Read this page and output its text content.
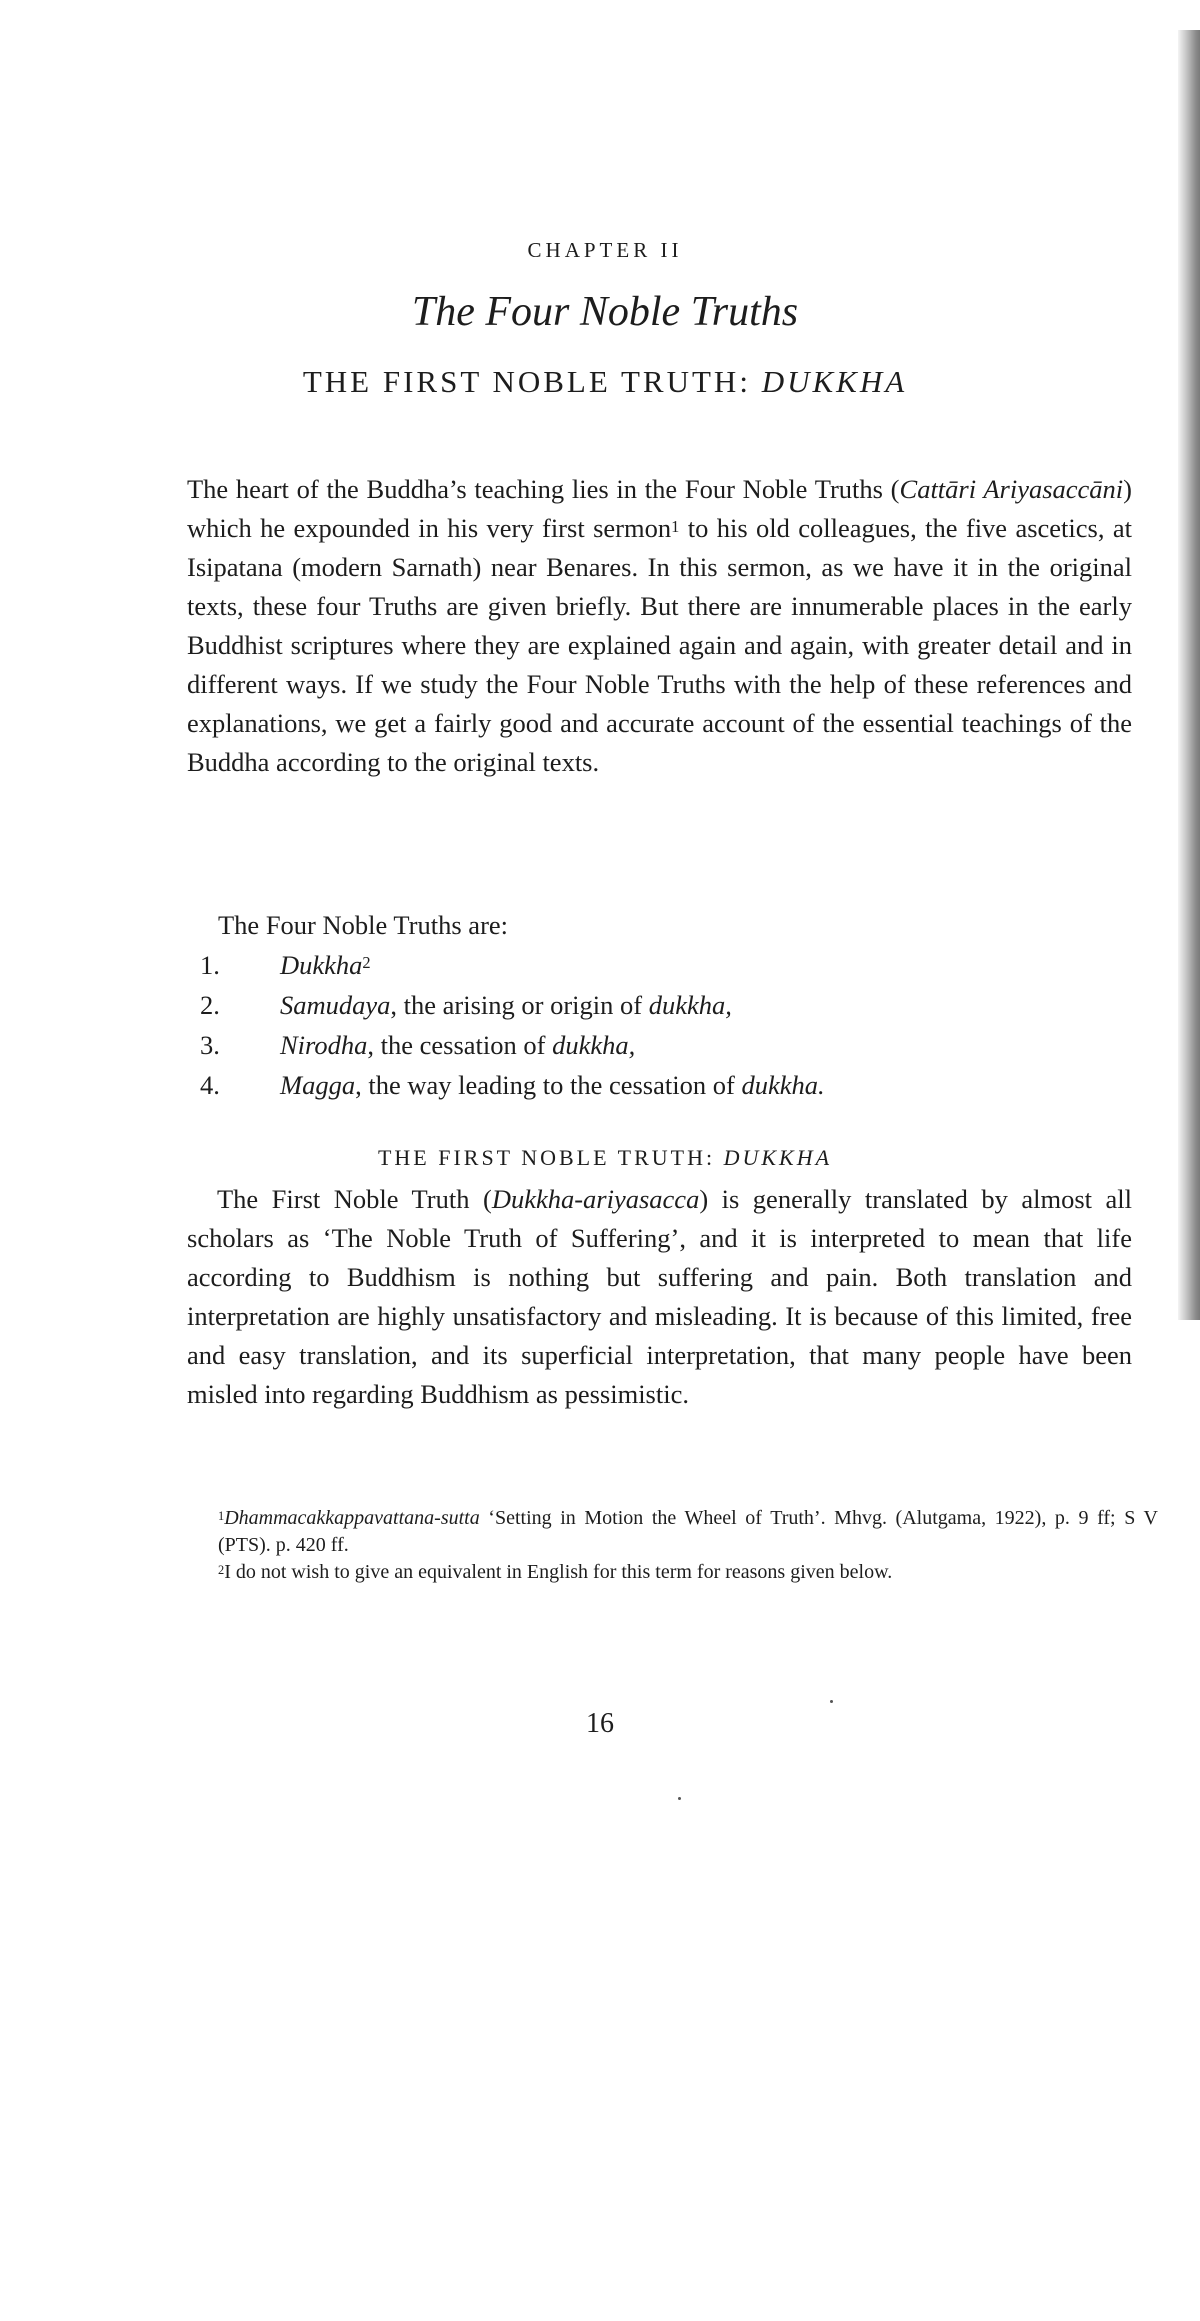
CHAPTER II
The Four Noble Truths
THE FIRST NOBLE TRUTH: DUKKHA
The heart of the Buddha’s teaching lies in the Four Noble Truths (Cattāri Ariyasaccāni) which he expounded in his very first sermon$^1$ to his old colleagues, the five ascetics, at Isipatana (modern Sarnath) near Benares. In this sermon, as we have it in the original texts, these four Truths are given briefly. But there are innumerable places in the early Buddhist scriptures where they are explained again and again, with greater detail and in different ways. If we study the Four Noble Truths with the help of these references and explanations, we get a fairly good and accurate account of the essential teachings of the Buddha according to the original texts.
The Four Noble Truths are:
1.	Dukkha$^2$
2.	Samudaya, the arising or origin of dukkha,
3.	Nirodha, the cessation of dukkha,
4.	Magga, the way leading to the cessation of dukkha.
THE FIRST NOBLE TRUTH: DUKKHA
The First Noble Truth (Dukkha-ariyasacca) is generally translated by almost all scholars as ‘The Noble Truth of Suffering’, and it is interpreted to mean that life according to Buddhism is nothing but suffering and pain. Both translation and interpretation are highly unsatisfactory and misleading. It is because of this limited, free and easy translation, and its superficial interpretation, that many people have been misled into regarding Buddhism as pessimistic.

$^1$Dhammacakkappavattana-sutta ‘Setting in Motion the Wheel of Truth’. Mhvg. (Alutgama, 1922), p. 9 ff; S V (PTS). p. 420 ff.

$^2$I do not wish to give an equivalent in English for this term for reasons given below.

16
